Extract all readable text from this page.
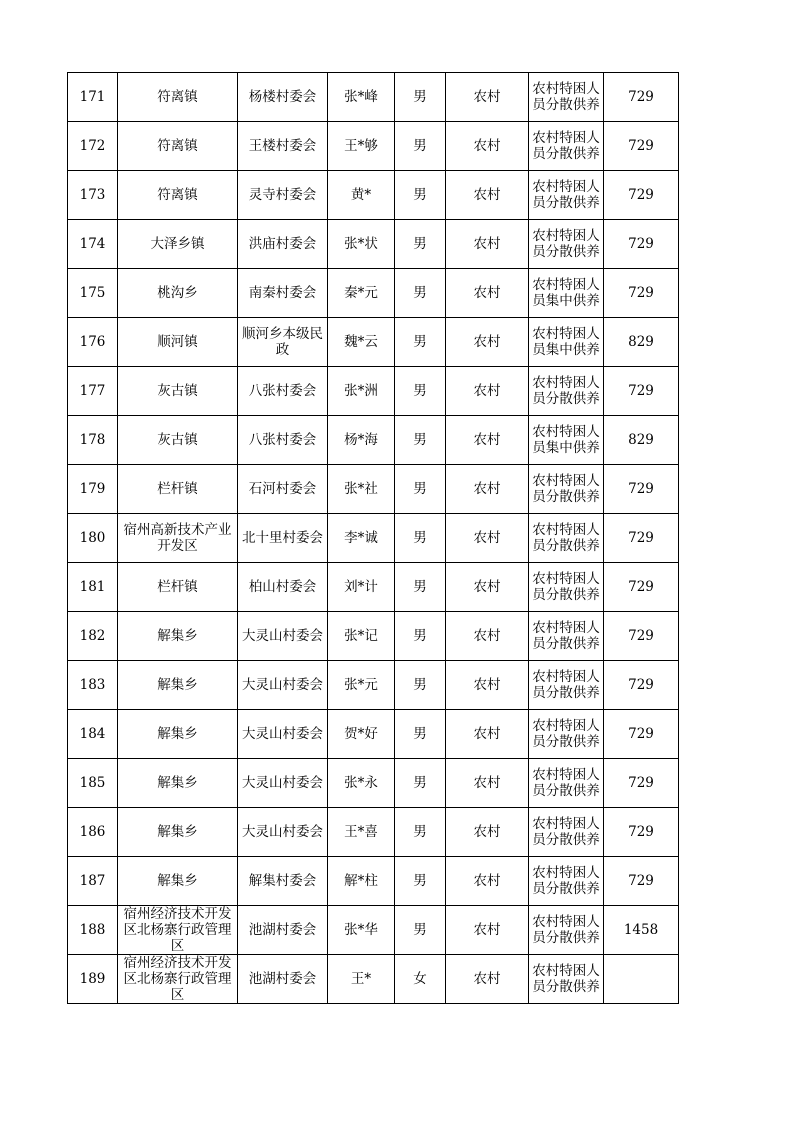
171	符离镇	杨楼村委会	张*峰	男	农村	农村特困人员分散供养	729

172	符离镇	王楼村委会	王*够	男	农村	农村特困人员分散供养	729

173	符离镇	灵寺村委会	黄*	男	农村	农村特困人员分散供养	729

174	大泽乡镇	洪庙村委会	张*状	男	农村	农村特困人员分散供养	729

175	桃沟乡	南秦村委会	秦*元	男	农村	农村特困人员集中供养	729

176	顺河镇	顺河乡本级民政	魏*云	男	农村	农村特困人员集中供养	829

177	灰古镇	八张村委会	张*洲	男	农村	农村特困人员分散供养	729

178	灰古镇	八张村委会	杨*海	男	农村	农村特困人员集中供养	829

179	栏杆镇	石河村委会	张*社	男	农村	农村特困人员分散供养	729

180	宿州高新技术产业开发区	北十里村委会	李*诚	男	农村	农村特困人员分散供养	729

181	栏杆镇	柏山村委会	刘*计	男	农村	农村特困人员分散供养	729

182	解集乡	大灵山村委会	张*记	男	农村	农村特困人员分散供养	729

183	解集乡	大灵山村委会	张*元	男	农村	农村特困人员分散供养	729

184	解集乡	大灵山村委会	贺*好	男	农村	农村特困人员分散供养	729

185	解集乡	大灵山村委会	张*永	男	农村	农村特困人员分散供养	729

186	解集乡	大灵山村委会	王*喜	男	农村	农村特困人员分散供养	729

187	解集乡	解集村委会	解*柱	男	农村	农村特困人员分散供养	729

188	宿州经济技术开发区北杨寨行政管理区	池湖村委会	张*华	男	农村	农村特困人员分散供养	1458

189	宿州经济技术开发区北杨寨行政管理区	池湖村委会	王*	女	农村	农村特困人员分散供养	
